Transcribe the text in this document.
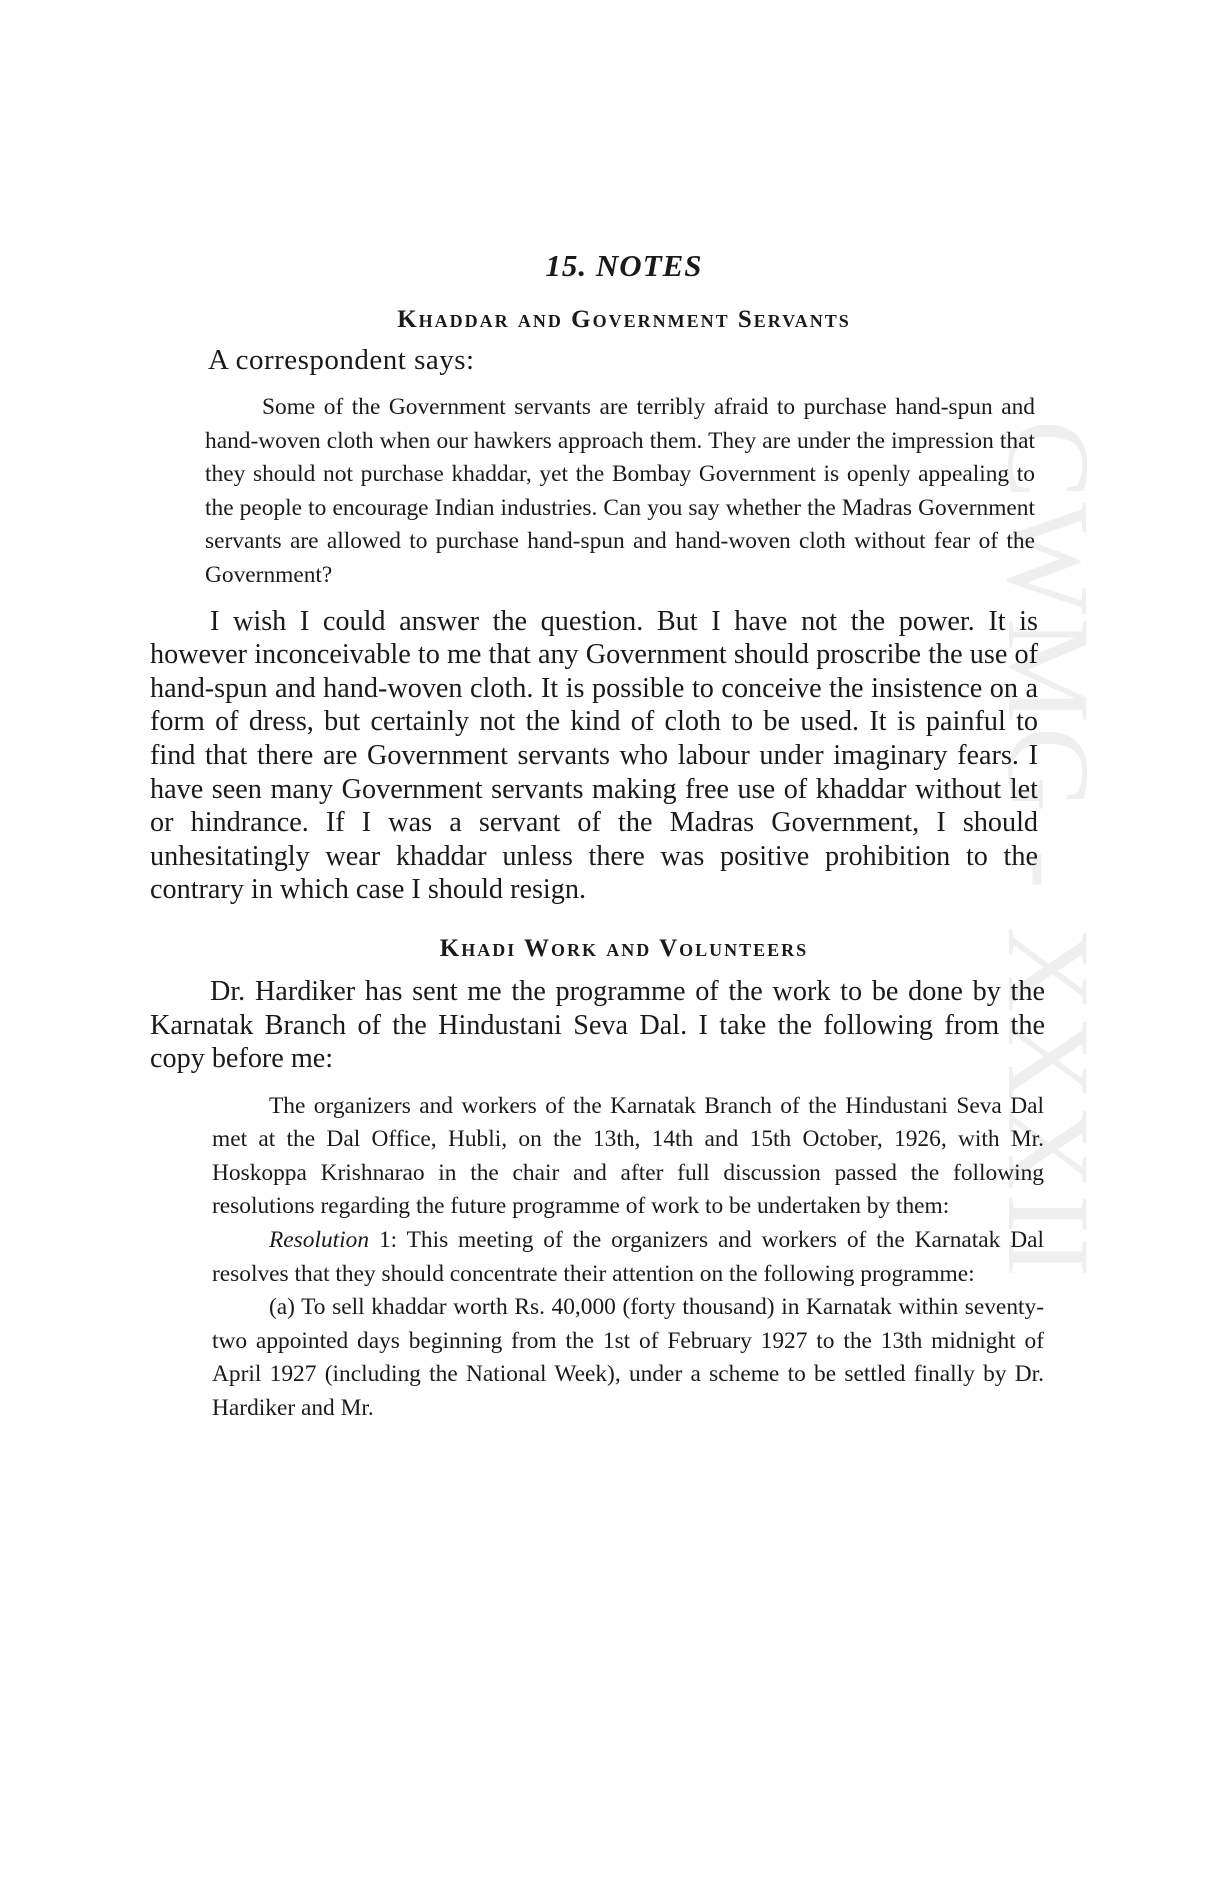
CWMG - XXXII
15. NOTES
Khaddar and Government Servants
A correspondent says:

Some of the Government servants are terribly afraid to purchase hand-spun and hand-woven cloth when our hawkers approach them. They are under the impression that they should not purchase khaddar, yet the Bombay Government is openly appealing to the people to encourage Indian industries. Can you say whether the Madras Government servants are allowed to purchase hand-spun and hand-woven cloth without fear of the Government?

I wish I could answer the question. But I have not the power. It is however inconceivable to me that any Government should proscribe the use of hand-spun and hand-woven cloth. It is possible to conceive the insistence on a form of dress, but certainly not the kind of cloth to be used. It is painful to find that there are Government servants who labour under imaginary fears. I have seen many Government servants making free use of khaddar without let or hindrance. If I was a servant of the Madras Government, I should unhesitatingly wear khaddar unless there was positive prohibition to the contrary in which case I should resign.

Khadi Work and Volunteers

Dr. Hardiker has sent me the programme of the work to be done by the Karnatak Branch of the Hindustani Seva Dal. I take the following from the copy before me:

The organizers and workers of the Karnatak Branch of the Hindustani Seva Dal met at the Dal Office, Hubli, on the 13th, 14th and 15th October, 1926, with Mr. Hoskoppa Krishnarao in the chair and after full discussion passed the following resolutions regarding the future programme of work to be undertaken by them:

Resolution 1: This meeting of the organizers and workers of the Karnatak Dal resolves that they should concentrate their attention on the following programme:

(a) To sell khaddar worth Rs. 40,000 (forty thousand) in Karnatak within seventy-two appointed days beginning from the 1st of February 1927 to the 13th midnight of April 1927 (including the National Week), under a scheme to be settled finally by Dr. Hardiker and Mr.
